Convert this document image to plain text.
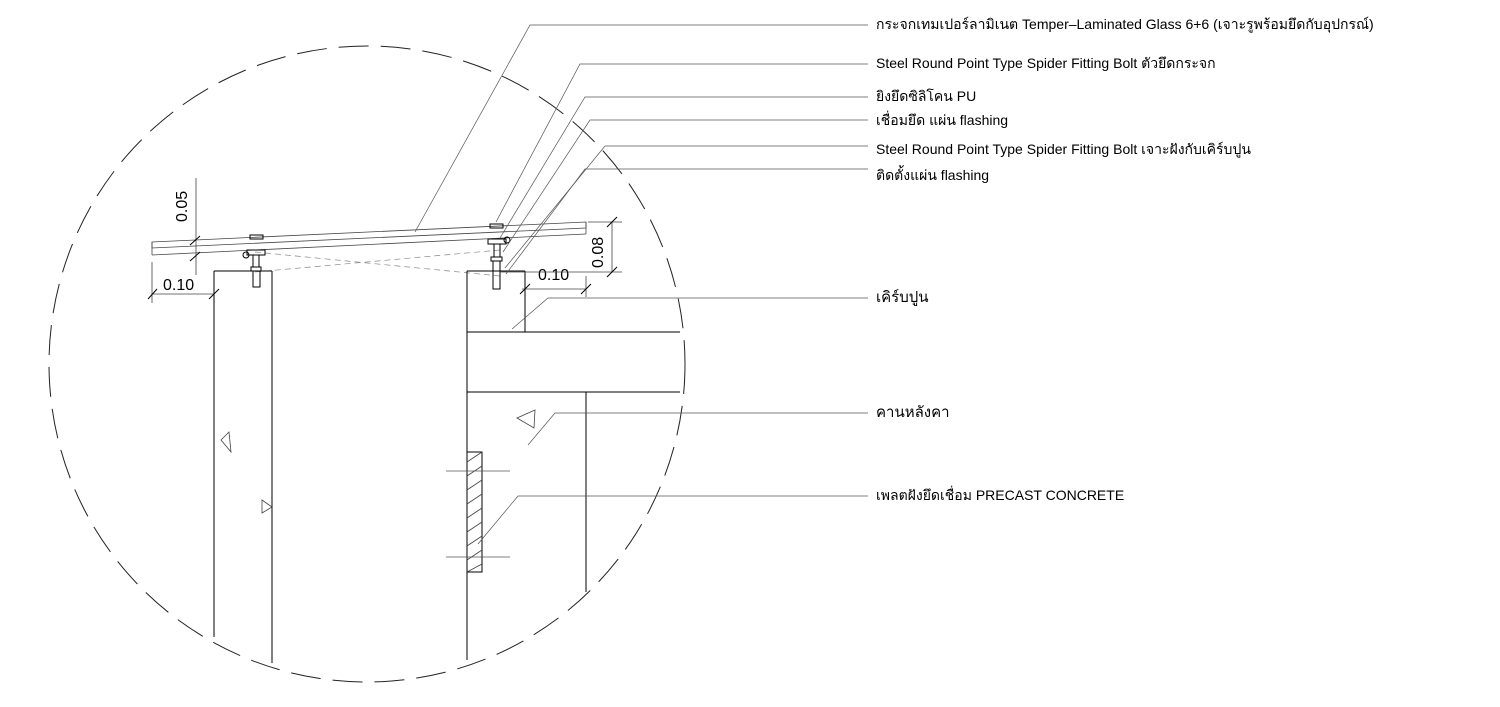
0.05
0.10
0.10
0.08
กระจกเทมเปอร์ลามิเนต Temper–Laminated Glass 6+6 (เจาะรูพร้อมยึดกับอุปกรณ์)
Steel Round Point Type Spider Fitting Bolt ตัวยึดกระจก
ยิงยึดซิลิโคน PU
เชื่อมยึด แผ่น flashing
Steel Round Point Type Spider Fitting Bolt เจาะฝังกับเคิร์บปูน
ติดตั้งแผ่น flashing
เคิร์บปูน
คานหลังคา
เพลตฝังยึดเชื่อม PRECAST CONCRETE
